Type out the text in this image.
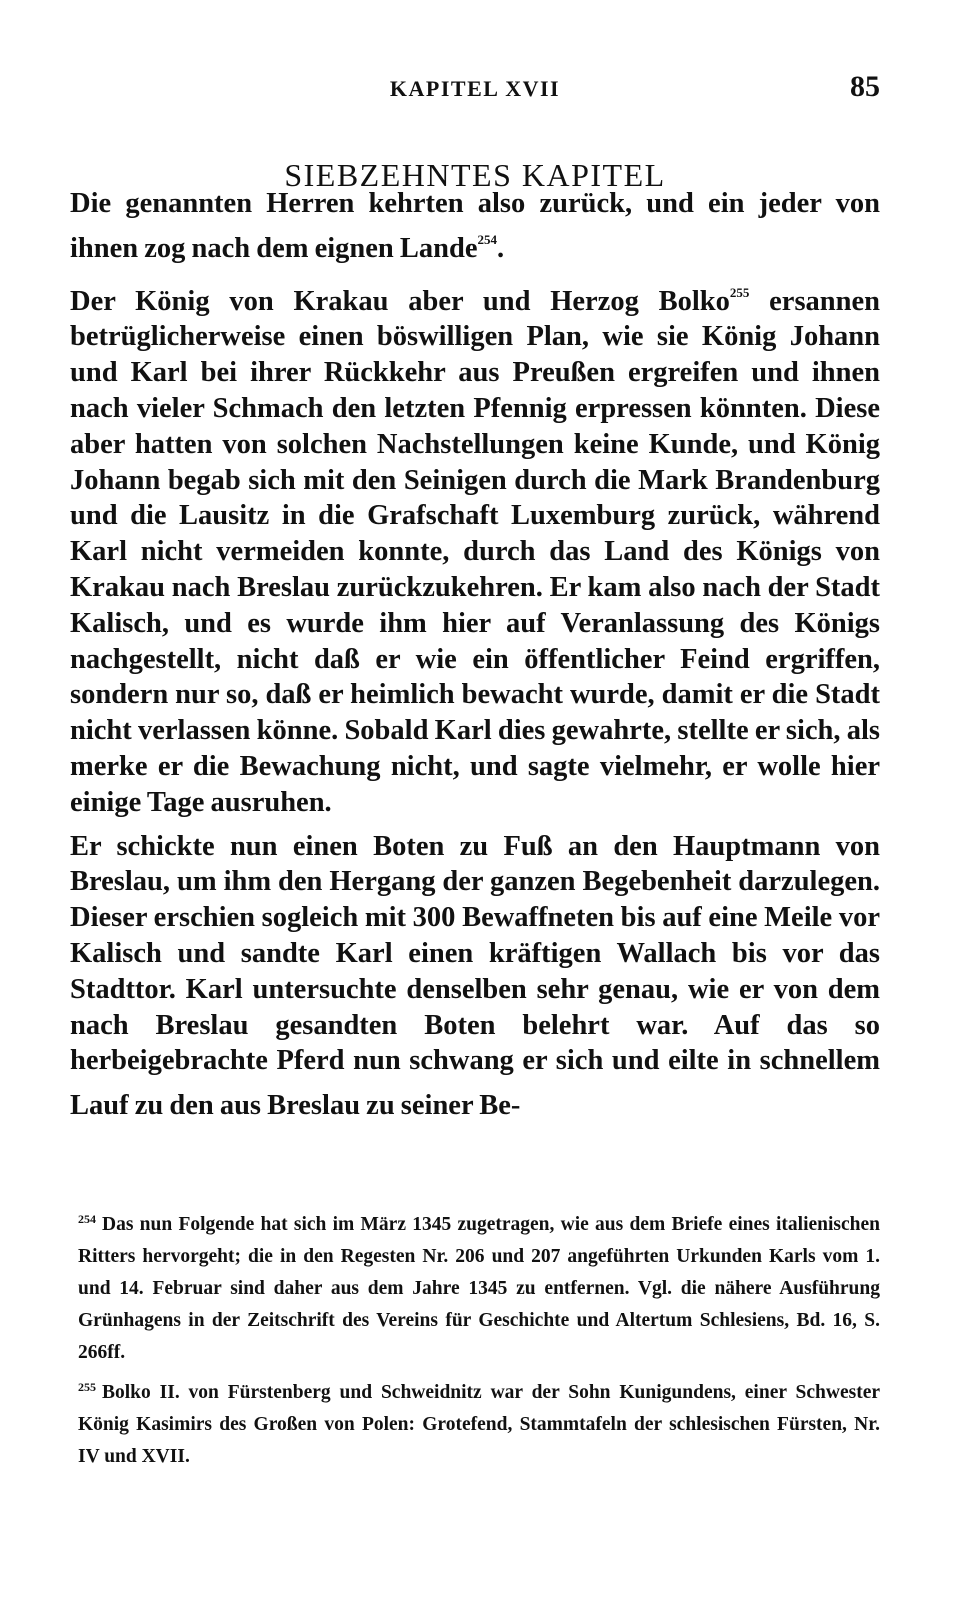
KAPITEL XVII	85
SIEBZEHNTES KAPITEL

Die genannten Herren kehrten also zurück, und ein jeder von ihnen zog nach dem eignen Lande$^{254}$.

Der König von Krakau aber und Herzog Bolko$^{255}$ ersannen betrüglicherweise einen böswilligen Plan, wie sie König Johann und Karl bei ihrer Rückkehr aus Preußen ergreifen und ihnen nach vieler Schmach den letzten Pfennig erpressen könnten. Diese aber hatten von solchen Nachstellungen keine Kunde, und König Johann begab sich mit den Seinigen durch die Mark Brandenburg und die Lausitz in die Grafschaft Luxemburg zurück, während Karl nicht vermeiden konnte, durch das Land des Königs von Krakau nach Breslau zurückzukehren. Er kam also nach der Stadt Kalisch, und es wurde ihm hier auf Veranlassung des Königs nachgestellt, nicht daß er wie ein öffentlicher Feind ergriffen, sondern nur so, daß er heimlich bewacht wurde, damit er die Stadt nicht verlassen könne. Sobald Karl dies gewahrte, stellte er sich, als merke er die Bewachung nicht, und sagte vielmehr, er wolle hier einige Tage ausruhen.

Er schickte nun einen Boten zu Fuß an den Hauptmann von Breslau, um ihm den Hergang der ganzen Begebenheit darzulegen. Dieser erschien sogleich mit 300 Bewaffneten bis auf eine Meile vor Kalisch und sandte Karl einen kräftigen Wallach bis vor das Stadttor. Karl untersuchte denselben sehr genau, wie er von dem nach Breslau gesandten Boten belehrt war. Auf das so herbeigebrachte Pferd nun schwang er sich und eilte in schnellem Lauf zu den aus Breslau zu seiner Be-

$^{254}$ Das nun Folgende hat sich im März 1345 zugetragen, wie aus dem Briefe eines italienischen Ritters hervorgeht; die in den Regesten Nr. 206 und 207 angeführten Urkunden Karls vom 1. und 14. Februar sind daher aus dem Jahre 1345 zu entfernen. Vgl. die nähere Ausführung Grünhagens in der Zeitschrift des Vereins für Geschichte und Altertum Schlesiens, Bd. 16, S. 266ff.

$^{255}$ Bolko II. von Fürstenberg und Schweidnitz war der Sohn Kunigundens, einer Schwester König Kasimirs des Großen von Polen: Grotefend, Stammtafeln der schlesischen Fürsten, Nr. IV und XVII.
